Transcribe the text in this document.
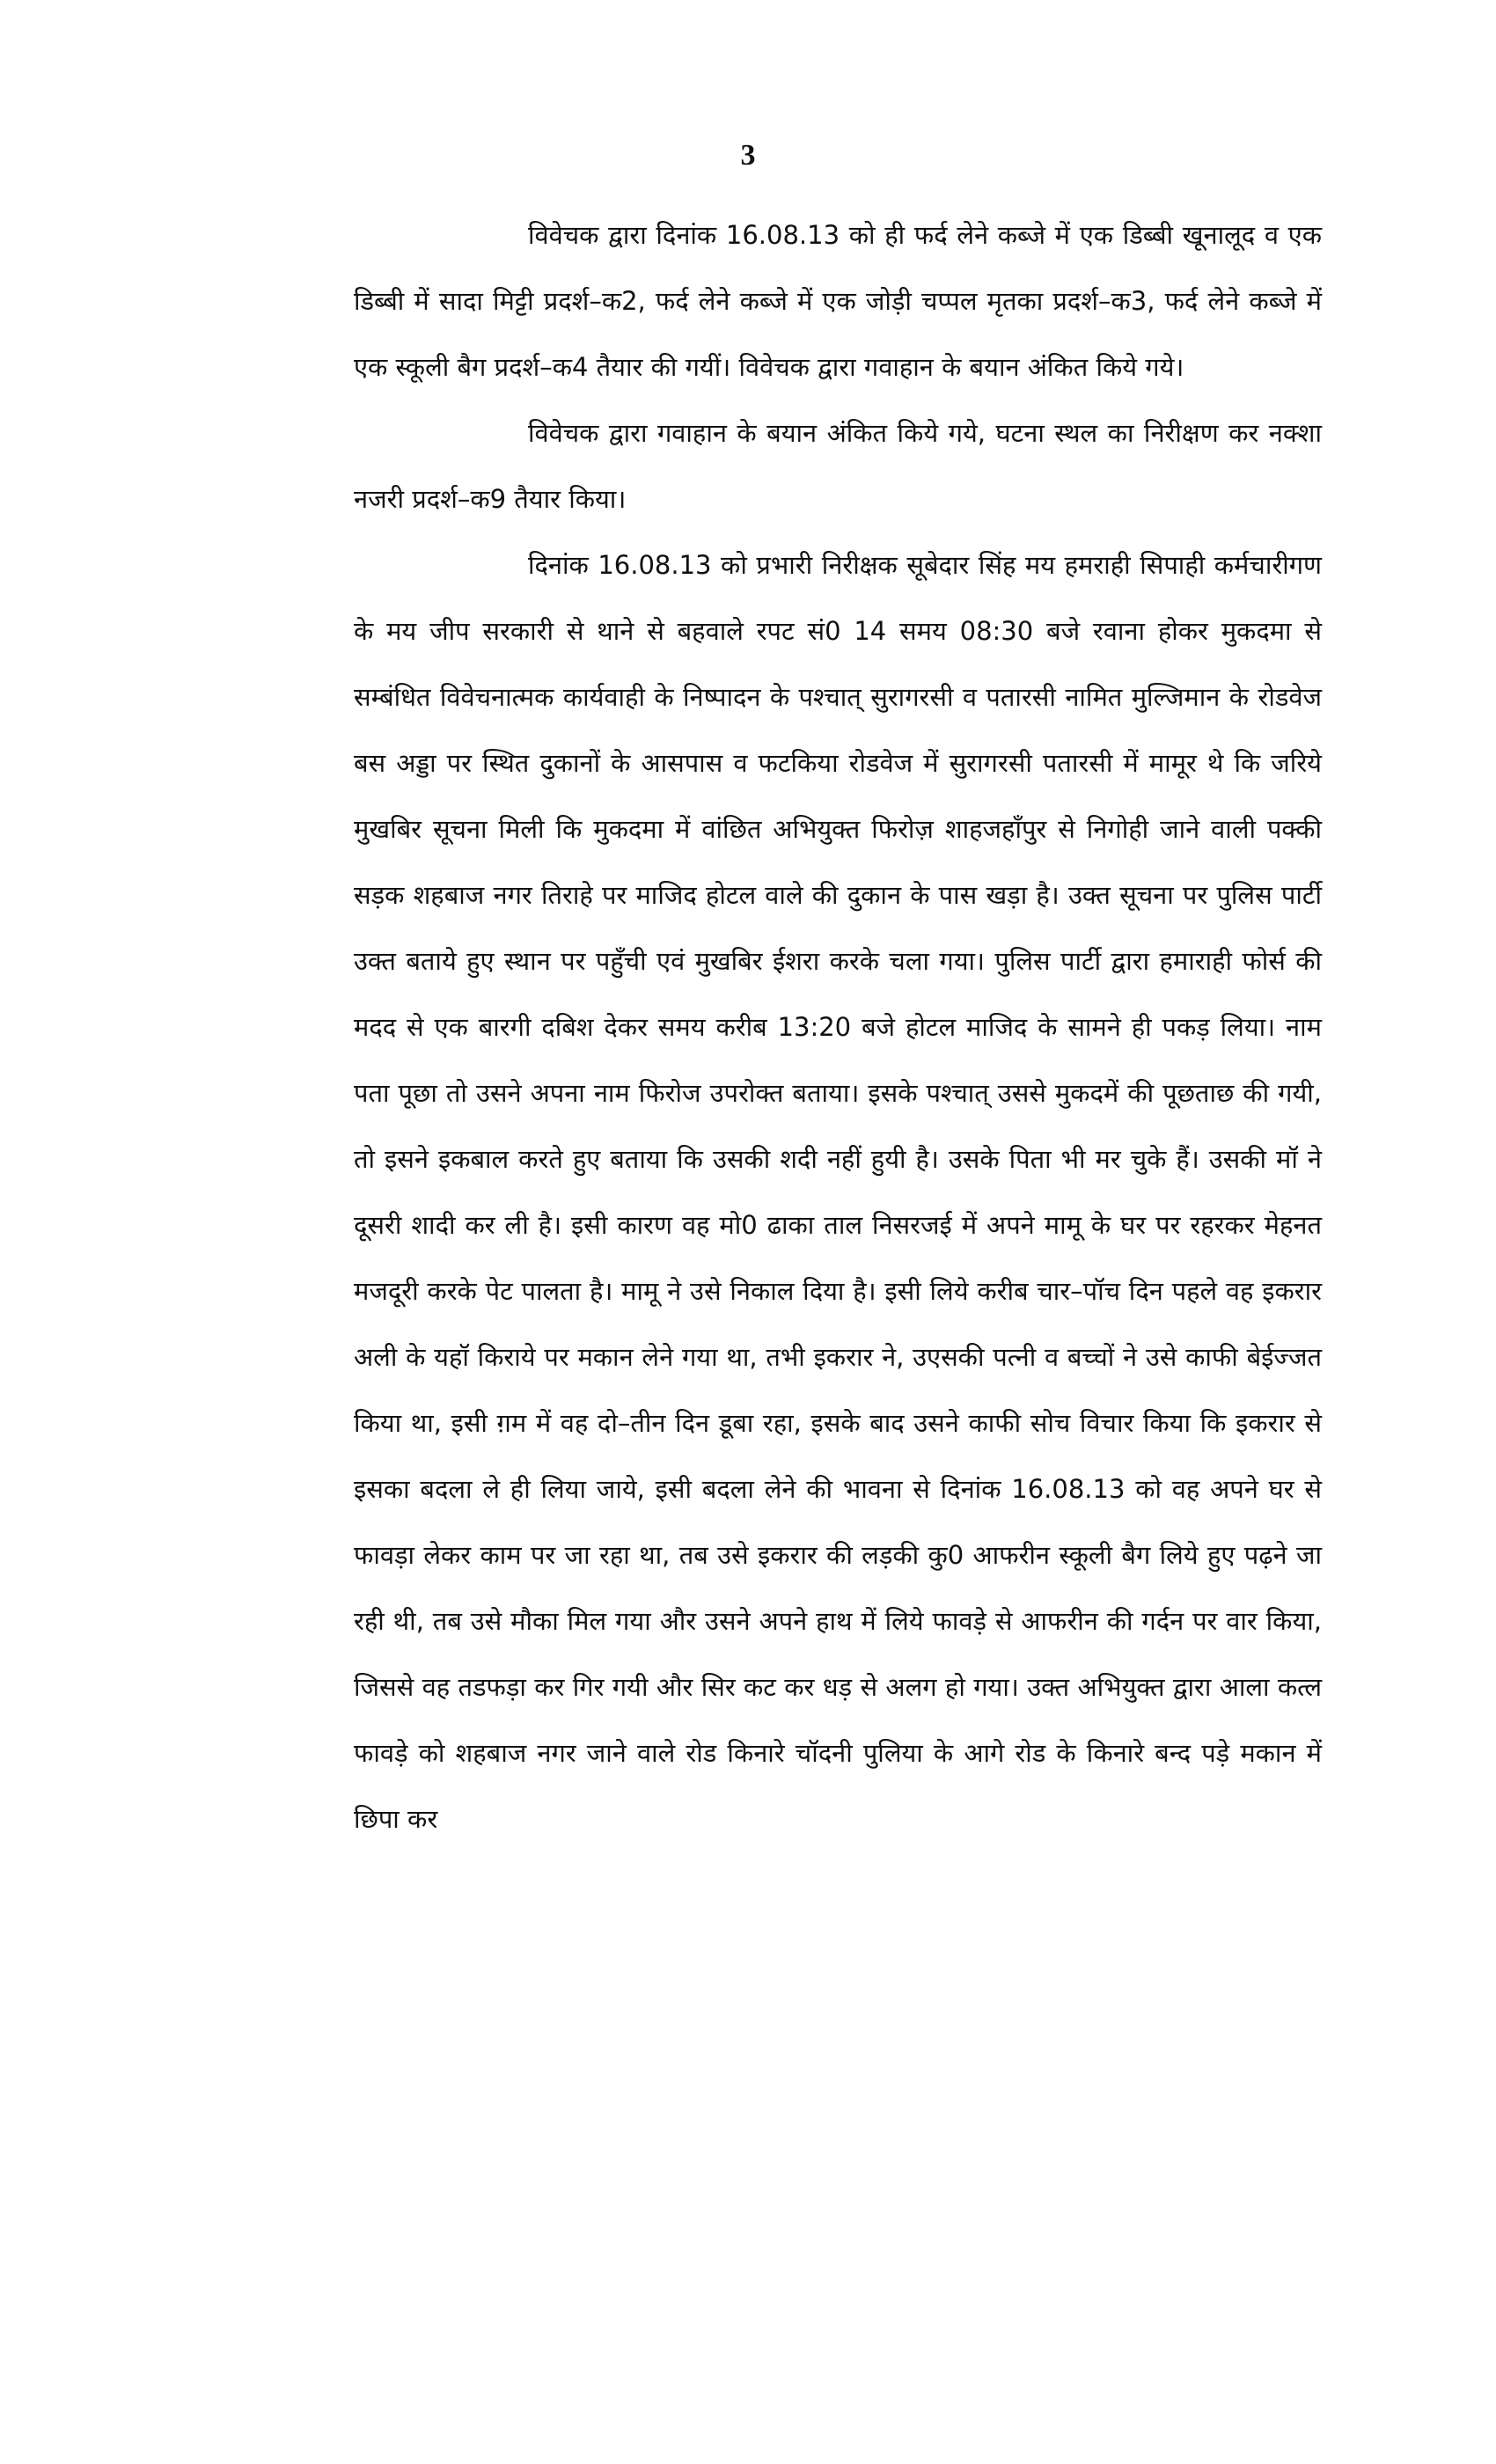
3

विवेचक द्वारा दिनांक 16.08.13 को ही फर्द लेने कब्जे में एक डिब्बी खूनालूद व एक डिब्बी में सादा मिट्टी प्रदर्श–क2, फर्द लेने कब्जे में एक जोड़ी चप्पल मृतका प्रदर्श–क3, फर्द लेने कब्जे में एक स्कूली बैग प्रदर्श–क4 तैयार की गयीं। विवेचक द्वारा गवाहान के बयान अंकित किये गये।

विवेचक द्वारा गवाहान के बयान अंकित किये गये, घटना स्थल का निरीक्षण कर नक्शा नजरी प्रदर्श–क9 तैयार किया।

दिनांक 16.08.13 को प्रभारी निरीक्षक सूबेदार सिंह मय हमराही सिपाही कर्मचारीगण के मय जीप सरकारी से थाने से बहवाले रपट सं0 14 समय 08:30 बजे रवाना होकर मुकदमा से सम्बंधित विवेचनात्मक कार्यवाही के निष्पादन के पश्चात् सुरागरसी व पतारसी नामित मुल्जिमान के रोडवेज बस अड्डा पर स्थित दुकानों के आसपास व फटकिया रोडवेज में सुरागरसी पतारसी में मामूर थे कि जरिये मुखबिर सूचना मिली कि मुकदमा में वांछित अभियुक्त फिरोज़ शाहजहाँपुर से निगोही जाने वाली पक्की सड़क शहबाज नगर तिराहे पर माजिद होटल वाले की दुकान के पास खड़ा है। उक्त सूचना पर पुलिस पार्टी उक्त बताये हुए स्थान पर पहुँची एवं मुखबिर ईशरा करके चला गया। पुलिस पार्टी द्वारा हमाराही फोर्स की मदद से एक बारगी दबिश देकर समय करीब 13:20 बजे होटल माजिद के सामने ही पकड़ लिया। नाम पता पूछा तो उसने अपना नाम फिरोज उपरोक्त बताया। इसके पश्चात् उससे मुकदमें की पूछताछ की गयी, तो इसने इकबाल करते हुए बताया कि उसकी शदी नहीं हुयी है। उसके पिता भी मर चुके हैं। उसकी मॉ ने दूसरी शादी कर ली है। इसी कारण वह मो0 ढाका ताल निसरजई में अपने मामू के घर पर रहरकर मेहनत मजदूरी करके पेट पालता है। मामू ने उसे निकाल दिया है। इसी लिये करीब चार–पॉच दिन पहले वह इकरार अली के यहॉ किराये पर मकान लेने गया था, तभी इकरार ने, उएसकी पत्नी व बच्चों ने उसे काफी बेईज्जत किया था, इसी ग़म में वह दो–तीन दिन डूबा रहा, इसके बाद उसने काफी सोच विचार किया कि इकरार से इसका बदला ले ही लिया जाये, इसी बदला लेने की भावना से दिनांक 16.08.13 को वह अपने घर से फावड़ा लेकर काम पर जा रहा था, तब उसे इकरार की लड़की कु0 आफरीन स्कूली बैग लिये हुए पढ़ने जा रही थी, तब उसे मौका मिल गया और उसने अपने हाथ में लिये फावड़े से आफरीन की गर्दन पर वार किया, जिससे वह तडफड़ा कर गिर गयी और सिर कट कर धड़ से अलग हो गया। उक्त अभियुक्त द्वारा आला कत्ल फावड़े को शहबाज नगर जाने वाले रोड किनारे चॉदनी पुलिया के आगे रोड के किनारे बन्द पड़े मकान में छिपा कर
